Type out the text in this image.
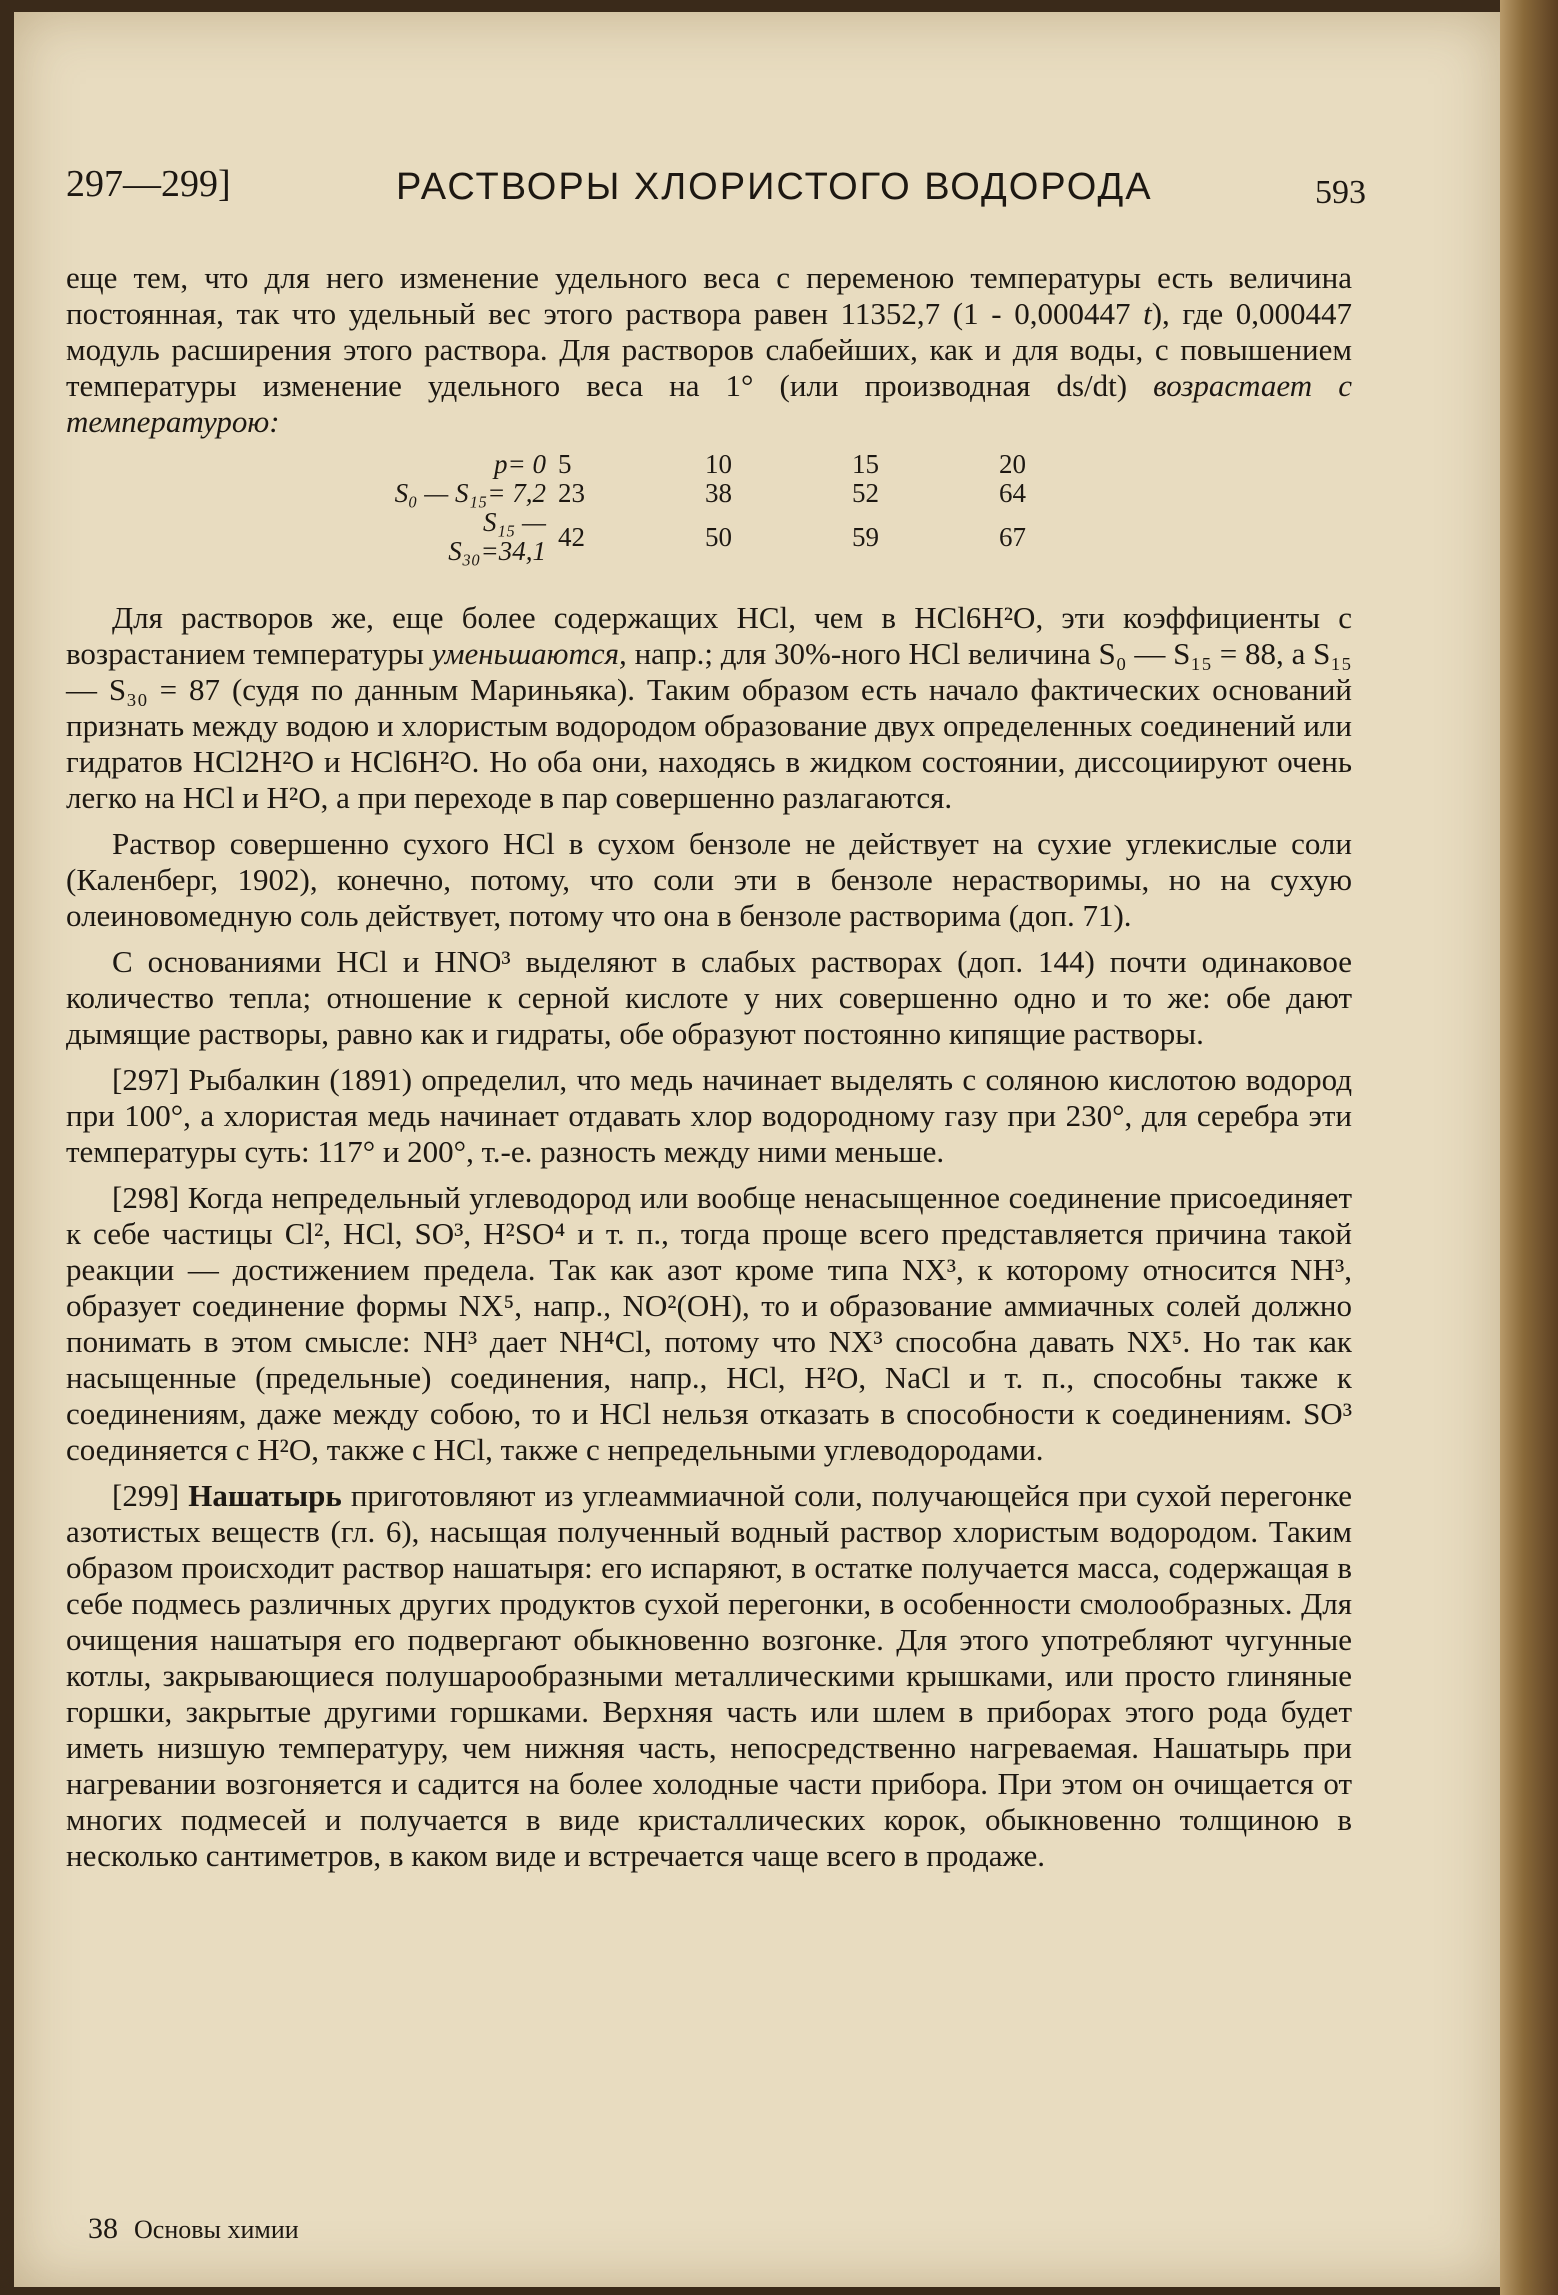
297—299]	РАСТВОРЫ ХЛОРИСТОГО ВОДОРОДА	593

еще тем, что для него изменение удельного веса с переменою температуры есть величина постоянная, так что удельный вес этого раствора равен 11352,7 (1 - 0,000447 t), где 0,000447 модуль расширения этого раствора. Для растворов слабейших, как и для воды, с повышением температуры изменение удельного веса на 1° (или производная ds/dt) возрастает с температурою:

p= 0	5	10	15	20
S₀ — S₁₅= 7,2	23	38	52	64
S₁₅ — S₃₀=34,1	42	50	59	67

Для растворов же, еще более содержащих HCl, чем в HCl6H²O, эти коэффициенты с возрастанием температуры уменьшаются, напр.; для 30%-ного HCl величина S₀ — S₁₅ = 88, а S₁₅ — S₃₀ = 87 (судя по данным Мариньяка). Таким образом есть начало фактических оснований признать между водою и хлористым водородом образование двух определенных соединений или гидратов HCl2H²O и HCl6H²O. Но оба они, находясь в жидком состоянии, диссоциируют очень легко на HCl и H²O, а при переходе в пар совершенно разлагаются.

Раствор совершенно сухого HCl в сухом бензоле не действует на сухие углекислые соли (Каленберг, 1902), конечно, потому, что соли эти в бензоле нерастворимы, но на сухую олеиновомедную соль действует, потому что она в бензоле растворима (доп. 71).

С основаниями HCl и HNO³ выделяют в слабых растворах (доп. 144) почти одинаковое количество тепла; отношение к серной кислоте у них совершенно одно и то же: обе дают дымящие растворы, равно как и гидраты, обе образуют постоянно кипящие растворы.

[297] Рыбалкин (1891) определил, что медь начинает выделять с соляною кислотою водород при 100°, а хлористая медь начинает отдавать хлор водородному газу при 230°, для серебра эти температуры суть: 117° и 200°, т.-е. разность между ними меньше.

[298] Когда непредельный углеводород или вообще ненасыщенное соединение присоединяет к себе частицы Cl², HCl, SO³, H²SO⁴ и т. п., тогда проще всего представляется причина такой реакции — достижением предела. Так как азот кроме типа NX³, к которому относится NH³, образует соединение формы NX⁵, напр., NO²(OH), то и образование аммиачных солей должно понимать в этом смысле: NH³ дает NH⁴Cl, потому что NX³ способна давать NX⁵. Но так как насыщенные (предельные) соединения, напр., HCl, H²O, NaCl и т. п., способны также к соединениям, даже между собою, то и HCl нельзя отказать в способности к соединениям. SO³ соединяется с H²O, также с HCl, также с непредельными углеводородами.

[299] Нашатырь приготовляют из углеаммиачной соли, получающейся при сухой перегонке азотистых веществ (гл. 6), насыщая полученный водный раствор хлористым водородом. Таким образом происходит раствор нашатыря: его испаряют, в остатке получается масса, содержащая в себе подмесь различных других продуктов сухой перегонки, в особенности смолообразных. Для очищения нашатыря его подвергают обыкновенно возгонке. Для этого употребляют чугунные котлы, закрывающиеся полушарообразными металлическими крышками, или просто глиняные горшки, закрытые другими горшками. Верхняя часть или шлем в приборах этого рода будет иметь низшую температуру, чем нижняя часть, непосредственно нагреваемая. Нашатырь при нагревании возгоняется и садится на более холодные части прибора. При этом он очищается от многих подмесей и получается в виде кристаллических корок, обыкновенно толщиною в несколько сантиметров, в каком виде и встречается чаще всего в продаже.

38 Основы химии
